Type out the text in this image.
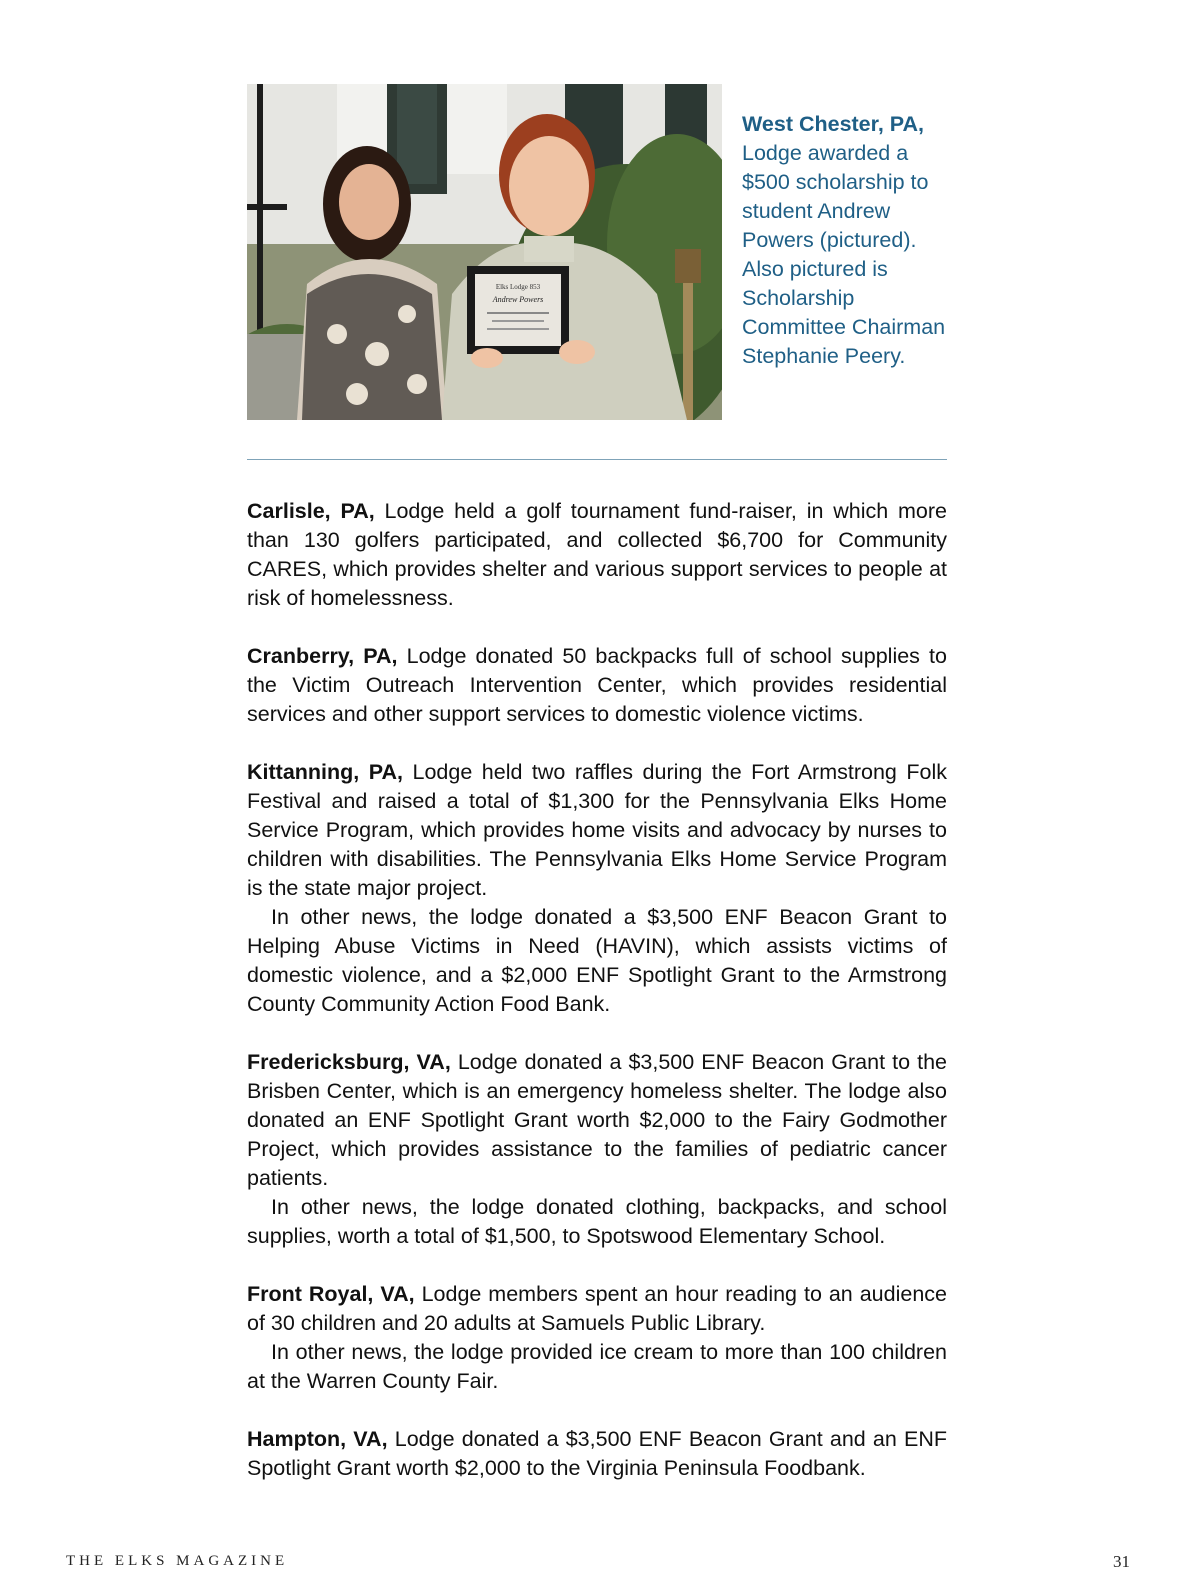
Elks Lodge 853
Andrew Powers
West Chester, PA, Lodge awarded a $500 scholarship to student Andrew Powers (pictured). Also pictured is Scholarship Committee Chairman Stephanie Peery.

Carlisle, PA, Lodge held a golf tournament fund-raiser, in which more than 130 golfers participated, and collected $6,700 for Community CARES, which provides shelter and various support services to people at risk of homelessness.

Cranberry, PA, Lodge donated 50 backpacks full of school supplies to the Victim Outreach Intervention Center, which provides residential services and other support services to domestic violence victims.

Kittanning, PA, Lodge held two raffles during the Fort Armstrong Folk Festival and raised a total of $1,300 for the Pennsylvania Elks Home Service Program, which provides home visits and advocacy by nurses to children with disabilities. The Pennsylvania Elks Home Service Program is the state major project.

In other news, the lodge donated a $3,500 ENF Beacon Grant to Helping Abuse Victims in Need (HAVIN), which assists victims of domestic violence, and a $2,000 ENF Spotlight Grant to the Armstrong County Community Action Food Bank.

Fredericksburg, VA, Lodge donated a $3,500 ENF Beacon Grant to the Brisben Center, which is an emergency homeless shelter. The lodge also donated an ENF Spotlight Grant worth $2,000 to the Fairy Godmother Project, which provides assistance to the families of pediatric cancer patients.

In other news, the lodge donated clothing, backpacks, and school supplies, worth a total of $1,500, to Spotswood Elementary School.

Front Royal, VA, Lodge members spent an hour reading to an audience of 30 children and 20 adults at Samuels Public Library.

In other news, the lodge provided ice cream to more than 100 children at the Warren County Fair.

Hampton, VA, Lodge donated a $3,500 ENF Beacon Grant and an ENF Spotlight Grant worth $2,000 to the Virginia Peninsula Foodbank.

THE ELKS MAGAZINE	31
